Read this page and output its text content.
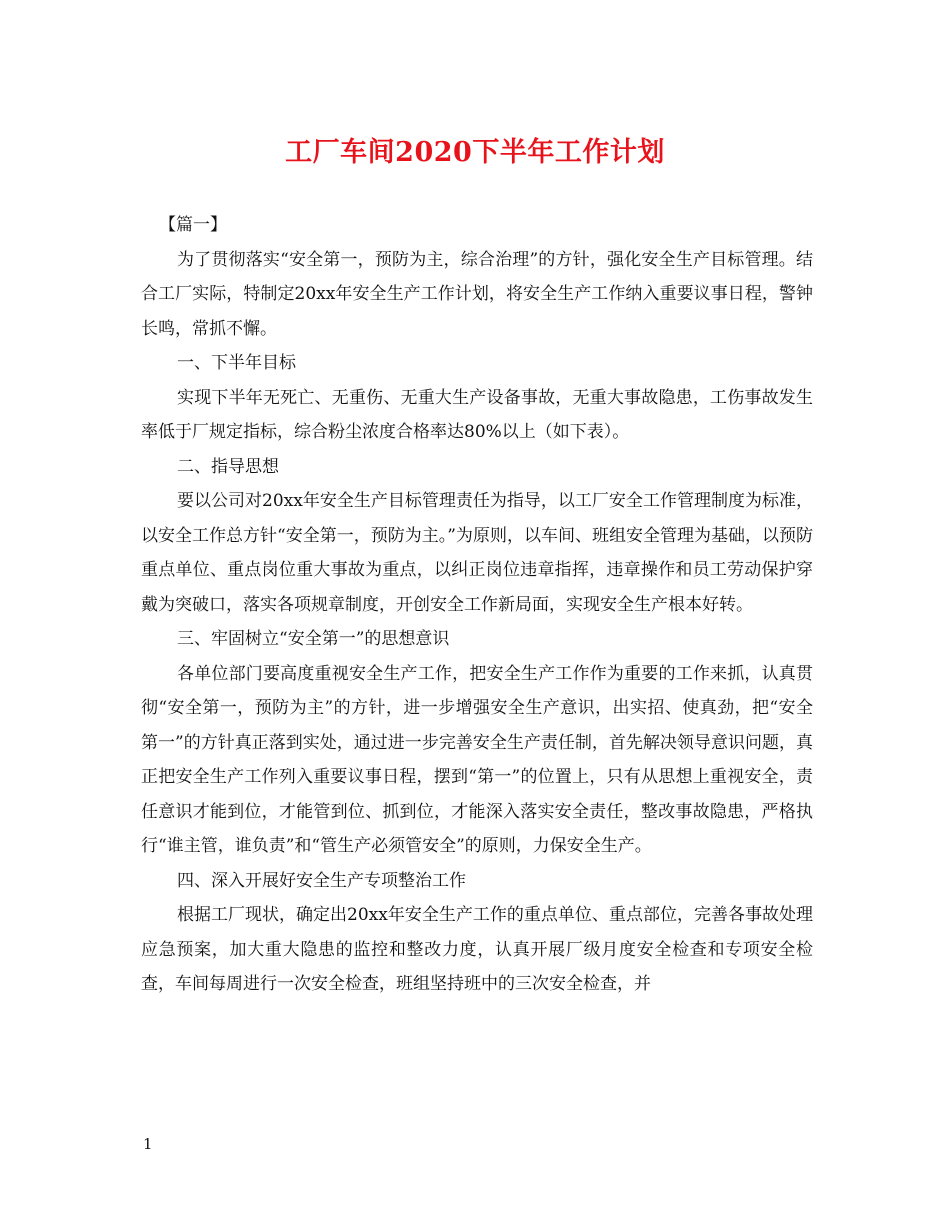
工厂车间2020下半年工作计划

【篇一】

为了贯彻落实“安全第一，预防为主，综合治理”的方针，强化安全生产目标管理。结合工厂实际，特制定20xx年安全生产工作计划，将安全生产工作纳入重要议事日程，警钟长鸣，常抓不懈。

一、下半年目标

实现下半年无死亡、无重伤、无重大生产设备事故，无重大事故隐患，工伤事故发生率低于厂规定指标，综合粉尘浓度合格率达80%以上（如下表）。

二、指导思想

要以公司对20xx年安全生产目标管理责任为指导，以工厂安全工作管理制度为标准，以安全工作总方针“安全第一，预防为主。”为原则，以车间、班组安全管理为基础，以预防重点单位、重点岗位重大事故为重点，以纠正岗位违章指挥，违章操作和员工劳动保护穿戴为突破口，落实各项规章制度，开创安全工作新局面，实现安全生产根本好转。

三、牢固树立“安全第一”的思想意识

各单位部门要高度重视安全生产工作，把安全生产工作作为重要的工作来抓，认真贯彻“安全第一，预防为主”的方针，进一步增强安全生产意识，出实招、使真劲，把“安全第一”的方针真正落到实处，通过进一步完善安全生产责任制，首先解决领导意识问题，真正把安全生产工作列入重要议事日程，摆到“第一”的位置上，只有从思想上重视安全，责任意识才能到位，才能管到位、抓到位，才能深入落实安全责任，整改事故隐患，严格执行“谁主管，谁负责”和“管生产必须管安全”的原则，力保安全生产。

四、深入开展好安全生产专项整治工作

根据工厂现状，确定出20xx年安全生产工作的重点单位、重点部位，完善各事故处理应急预案，加大重大隐患的监控和整改力度，认真开展厂级月度安全检查和专项安全检查，车间每周进行一次安全检查，班组坚持班中的三次安全检查，并

1
